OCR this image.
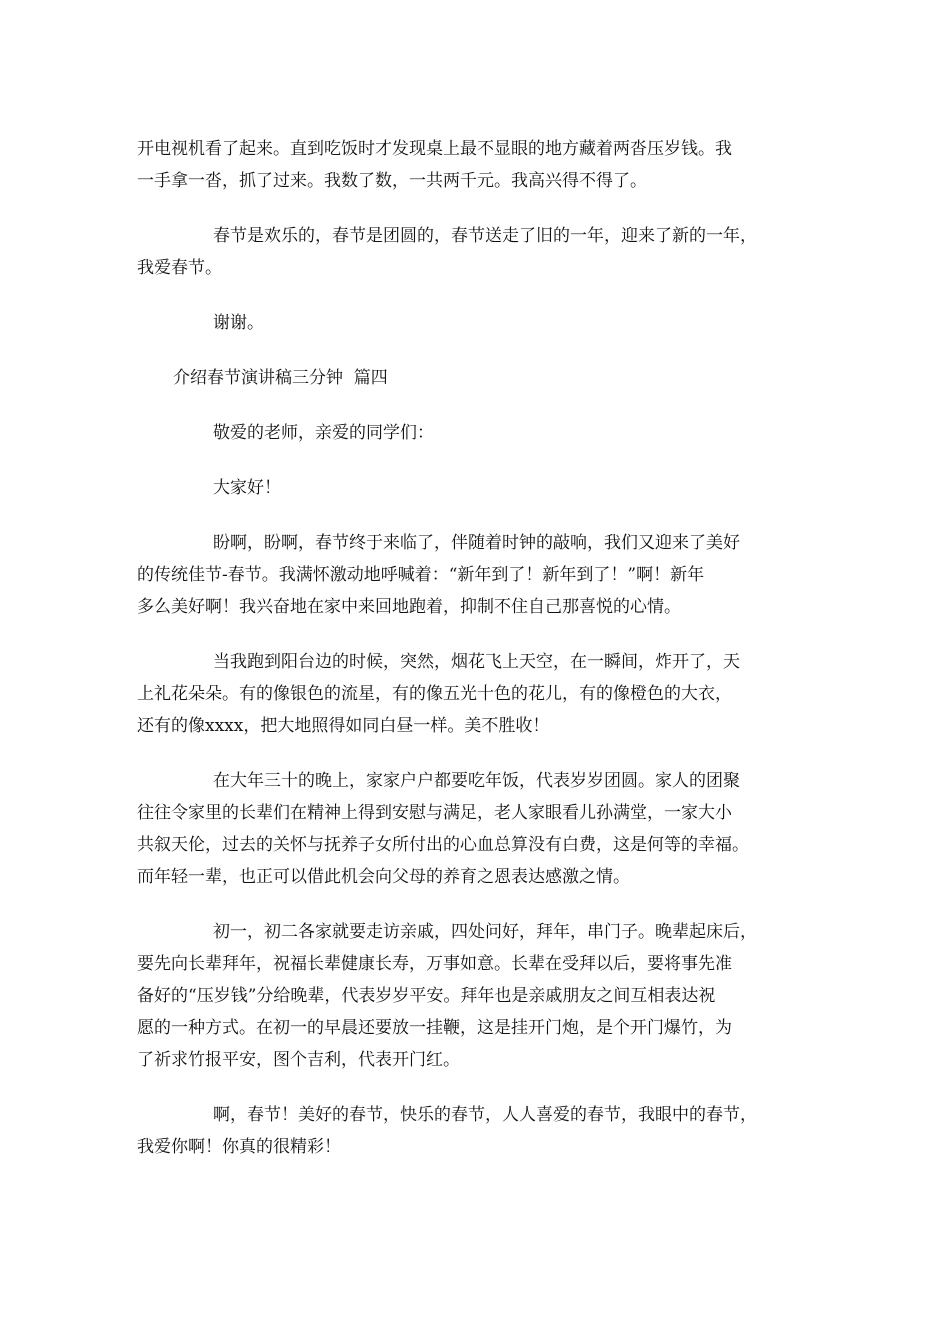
开电视机看了起来。直到吃饭时才发现桌上最不显眼的地方藏着两沓压岁钱。我
一手拿一沓，抓了过来。我数了数，一共两千元。我高兴得不得了。

春节是欢乐的，春节是团圆的，春节送走了旧的一年，迎来了新的一年，
我爱春节。

谢谢。

介绍春节演讲稿三分钟  篇四

敬爱的老师，亲爱的同学们：

大家好！

盼啊，盼啊，春节终于来临了，伴随着时钟的敲响，我们又迎来了美好
的传统佳节-春节。我满怀激动地呼喊着：“新年到了！新年到了！”啊！新年
多么美好啊！我兴奋地在家中来回地跑着，抑制不住自己那喜悦的心情。

当我跑到阳台边的时候，突然，烟花飞上天空，在一瞬间，炸开了，天
上礼花朵朵。有的像银色的流星，有的像五光十色的花儿，有的像橙色的大衣，
还有的像xxxx，把大地照得如同白昼一样。美不胜收！

在大年三十的晚上，家家户户都要吃年饭，代表岁岁团圆。家人的团聚
往往令家里的长辈们在精神上得到安慰与满足，老人家眼看儿孙满堂，一家大小
共叙天伦，过去的关怀与抚养子女所付出的心血总算没有白费，这是何等的幸福。
而年轻一辈，也正可以借此机会向父母的养育之恩表达感激之情。

初一，初二各家就要走访亲戚，四处问好，拜年，串门子。晚辈起床后，
要先向长辈拜年，祝福长辈健康长寿，万事如意。长辈在受拜以后，要将事先准
备好的“压岁钱”分给晚辈，代表岁岁平安。拜年也是亲戚朋友之间互相表达祝
愿的一种方式。在初一的早晨还要放一挂鞭，这是挂开门炮，是个开门爆竹，为
了祈求竹报平安，图个吉利，代表开门红。

啊，春节！美好的春节，快乐的春节，人人喜爱的春节，我眼中的春节，
我爱你啊！你真的很精彩！
